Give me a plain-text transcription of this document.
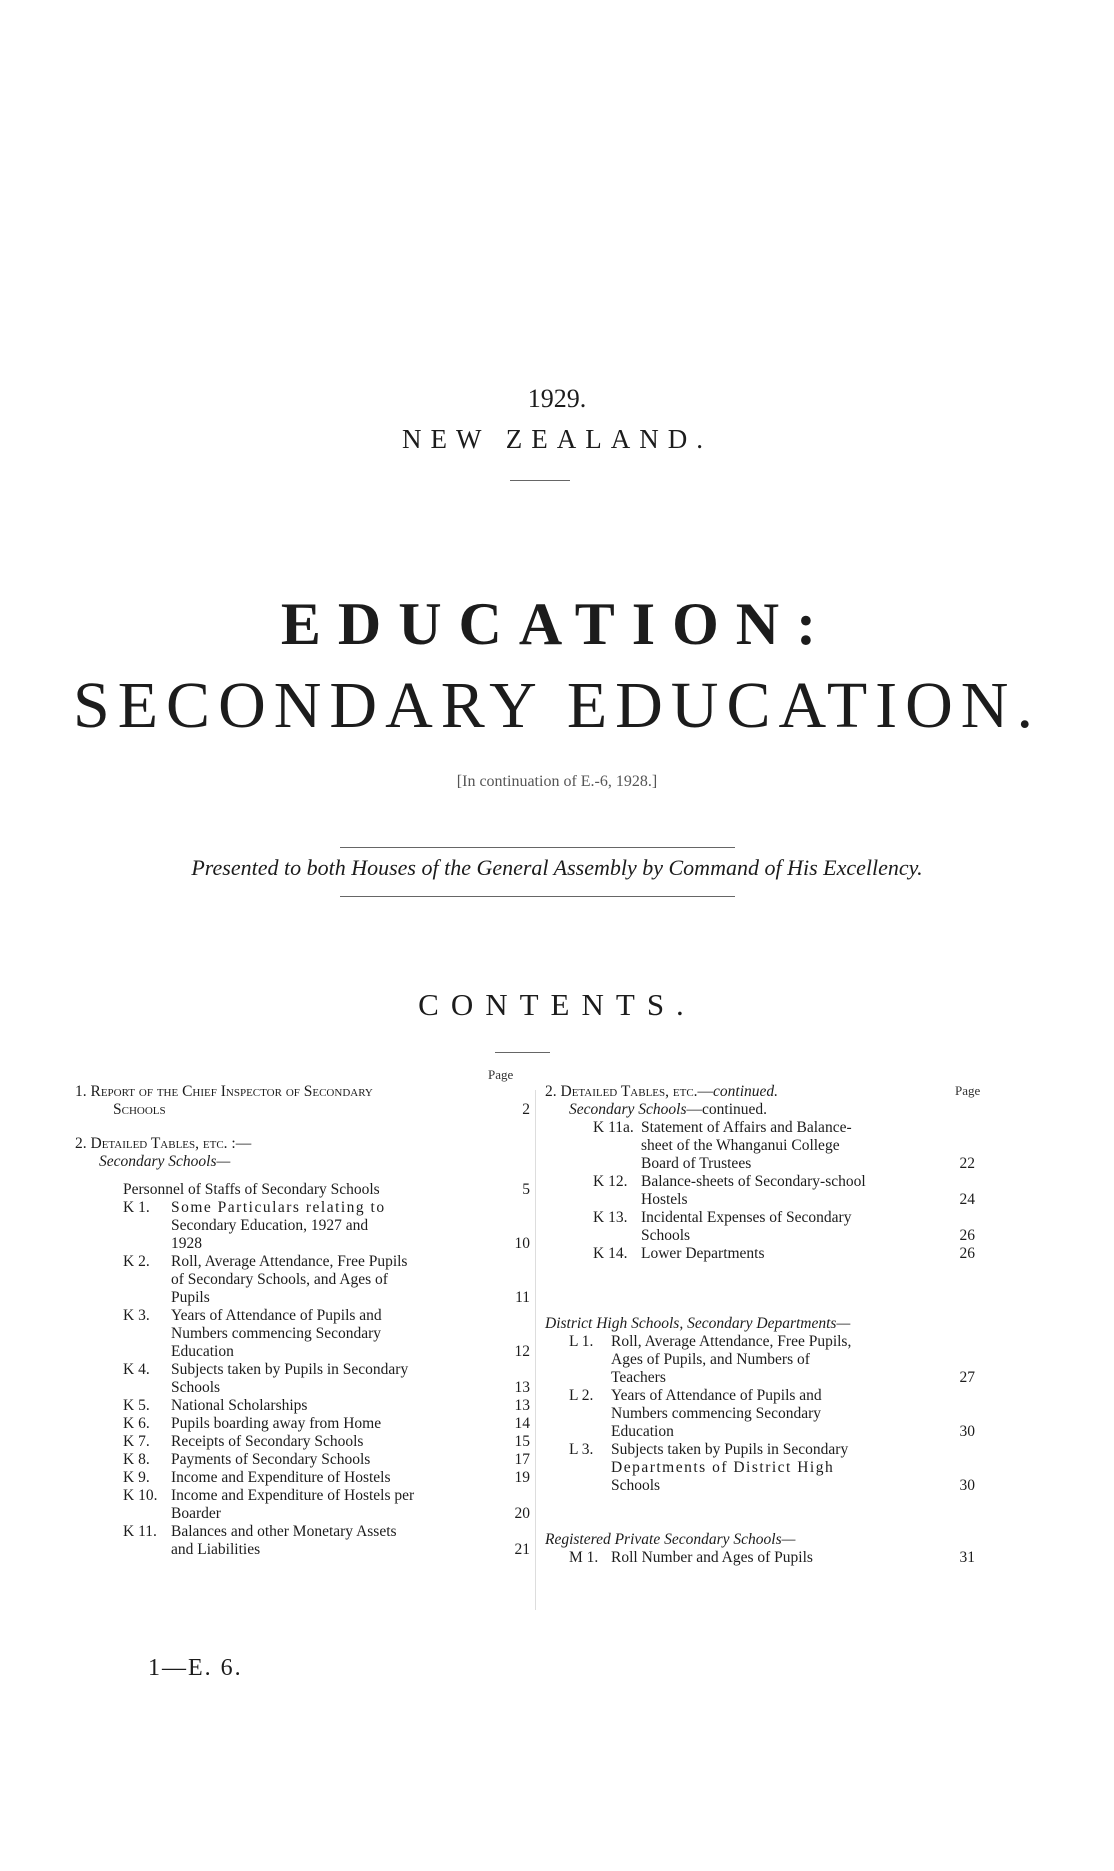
1929.
NEW ZEALAND.
EDUCATION:
SECONDARY EDUCATION.
[In continuation of E.-6, 1928.]
Presented to both Houses of the General Assembly by Command of His Excellency.
CONTENTS.
Page
Page
1. Report of the Chief Inspector of Secondary
Schools	2
2. Detailed Tables, etc. :—
Secondary Schools—
Personnel of Staffs of Secondary Schools	5
K 1.	Some Particulars relating to
Secondary Education, 1927 and
1928	10
K 2.	Roll, Average Attendance, Free Pupils
of Secondary Schools, and Ages of
Pupils	11
K 3.	Years of Attendance of Pupils and
Numbers commencing Secondary
Education	12
K 4.	Subjects taken by Pupils in Secondary
Schools	13
K 5.	National Scholarships	13
K 6.	Pupils boarding away from Home	14
K 7.	Receipts of Secondary Schools	15
K 8.	Payments of Secondary Schools	17
K 9.	Income and Expenditure of Hostels	19
K 10. Income and Expenditure of Hostels per
Boarder	20
K 11. Balances and other Monetary Assets
and Liabilities	21
2. Detailed Tables, etc.—continued.
Secondary Schools—continued.
K 11a. Statement of Affairs and Balance-
sheet of the Whanganui College
Board of Trustees	22
K 12. Balance-sheets of Secondary-school
Hostels	24
K 13. Incidental Expenses of Secondary
Schools	26
K 14. Lower Departments	26
District High Schools, Secondary Departments—
L 1.	Roll, Average Attendance, Free Pupils,
Ages of Pupils, and Numbers of
Teachers	27
L 2.	Years of Attendance of Pupils and
Numbers commencing Secondary
Education	30
L 3.	Subjects taken by Pupils in Secondary
Departments of District High
Schools	30
Registered Private Secondary Schools—
M 1. Roll Number and Ages of Pupils	31
1—E. 6.
